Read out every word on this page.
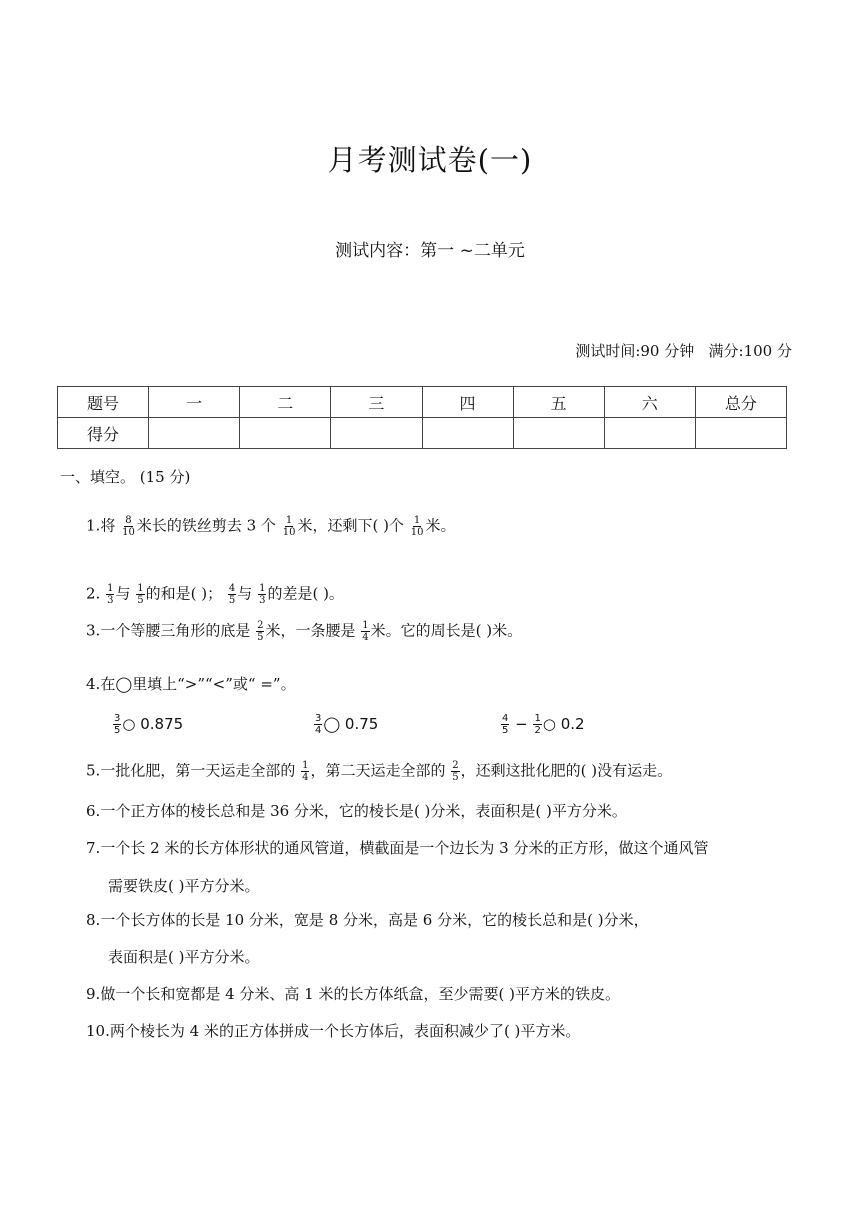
月考测试卷(一)
测试内容：第一 ~二单元
测试时间:90 分钟   满分:100 分
题号	一	二	三	四	五	六	总分
得分							
一、填空。 (15 分)
1.将 $\frac{8}{10}$ 米长的铁丝剪去 3 个 $\frac{1}{10}$ 米，还剩下( )个 $\frac{1}{10}$ 米。
2. $\frac{1}{3}$ 与 $\frac{1}{5}$ 的和是( )； $\frac{4}{5}$ 与 $\frac{1}{3}$ 的差是( )。
3.一个等腰三角形的底是 $\frac{2}{5}$ 米，一条腰是 $\frac{1}{4}$ 米。它的周长是( )米。
4.在◯里填上“>”“<”或“ =”。
$\frac{3}{5}$ ○ 0.875	$\frac{3}{4}$ ◯ 0.75	$\frac{4}{5} - \frac{1}{2}$ ○ 0.2
5.一批化肥，第一天运走全部的 $\frac{1}{4}$ ，第二天运走全部的 $\frac{2}{5}$ ，还剩这批化肥的( )没有运走。
6.一个正方体的棱长总和是 36 分米，它的棱长是( )分米，表面积是( )平方分米。
7.一个长 2 米的长方体形状的通风管道，横截面是一个边长为 3 分米的正方形，做这个通风管
需要铁皮( )平方分米。
8.一个长方体的长是 10 分米，宽是 8 分米，高是 6 分米，它的棱长总和是( )分米，
表面积是( )平方分米。
9.做一个长和宽都是 4 分米、高 1 米的长方体纸盒，至少需要( )平方米的铁皮。
10.两个棱长为 4 米的正方体拼成一个长方体后，表面积减少了( )平方米。
